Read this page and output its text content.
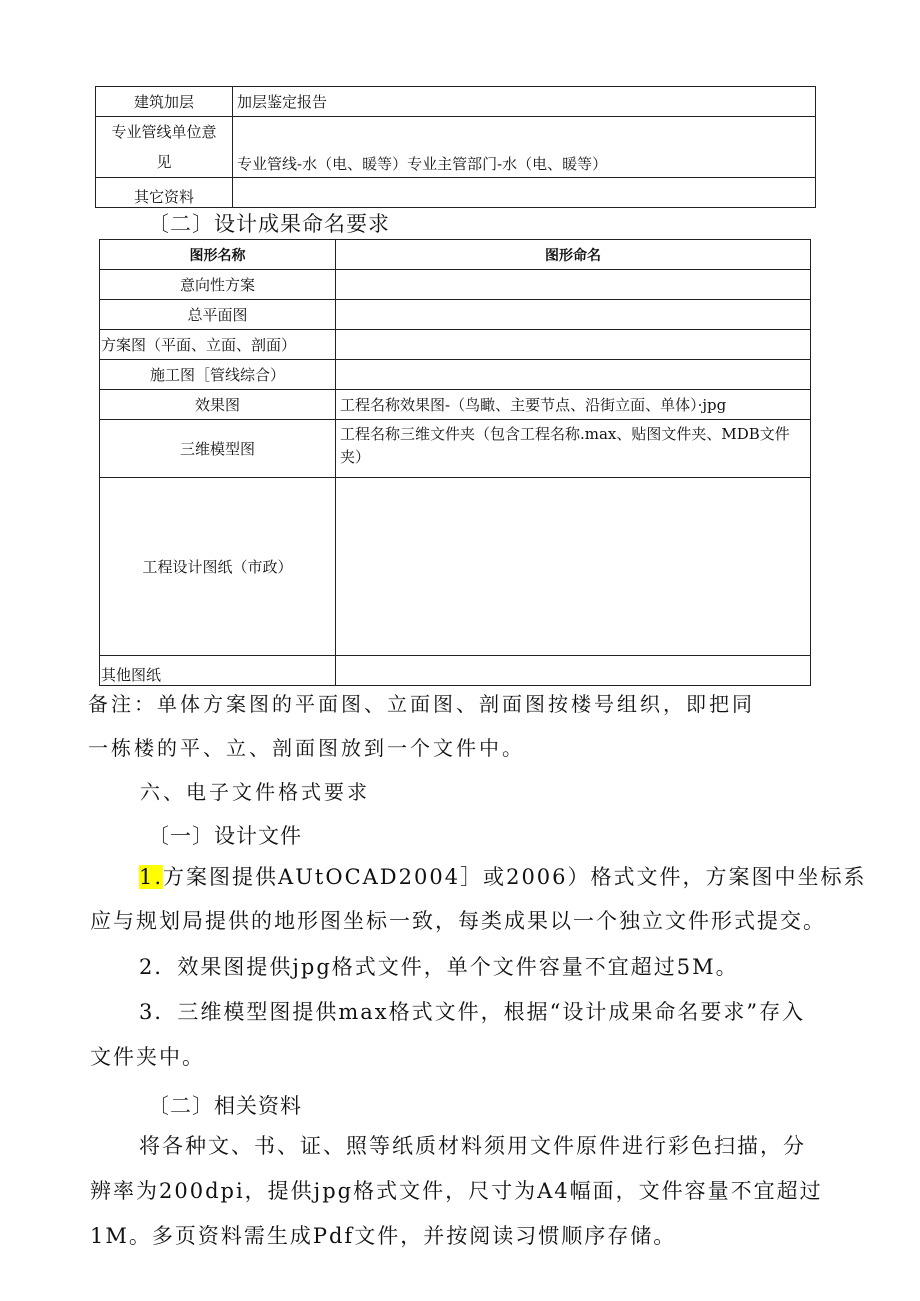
建筑加层	加层鉴定报告

专业管线单位意
见	专业管线-水（电、暖等）专业主管部门-水（电、暖等）
其它资料	
〔二〕设计成果命名要求
图形名称	图形命名
意向性方案	
总平面图	
方案图（平面、立面、剖面）	
施工图［管线综合）	
效果图	工程名称效果图-（鸟瞰、主要节点、沿街立面、单体）·jpg
三维模型图	工程名称三维文件夹（包含工程名称.max、贴图文件夹、MDB文件夹）
工程设计图纸（市政）	
其他图纸	
备注：单体方案图的平面图、立面图、剖面图按楼号组织，即把同
一栋楼的平、立、剖面图放到一个文件中。
六、电子文件格式要求
〔一〕设计文件
1.方案图提供AUtOCAD2004］或2006）格式文件，方案图中坐标系
应与规划局提供的地形图坐标一致，每类成果以一个独立文件形式提交。
2．效果图提供jpg格式文件，单个文件容量不宜超过5M。
3．三维模型图提供max格式文件，根据“设计成果命名要求”存入
文件夹中。
〔二〕相关资料
将各种文、书、证、照等纸质材料须用文件原件进行彩色扫描，分
辨率为200dpi，提供jpg格式文件，尺寸为A4幅面，文件容量不宜超过
1M。多页资料需生成Pdf文件，并按阅读习惯顺序存储。
